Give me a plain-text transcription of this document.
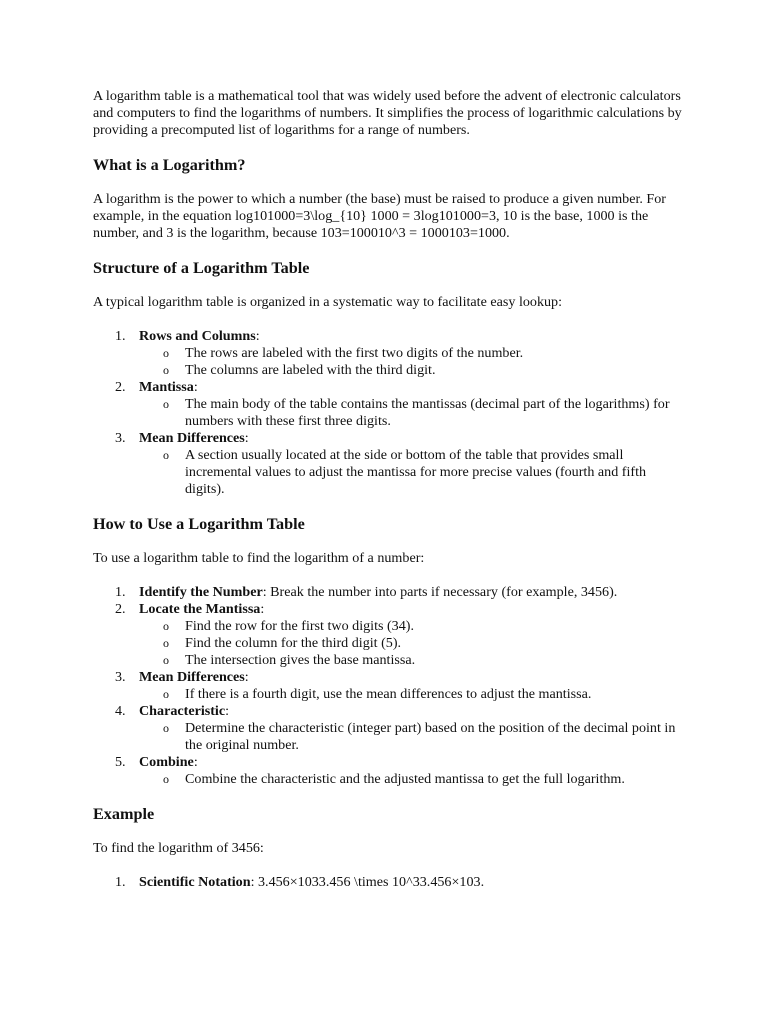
A logarithm table is a mathematical tool that was widely used before the advent of electronic calculators and computers to find the logarithms of numbers. It simplifies the process of logarithmic calculations by providing a precomputed list of logarithms for a range of numbers.

What is a Logarithm?

A logarithm is the power to which a number (the base) must be raised to produce a given number. For example, in the equation log101000=3\log_{10} 1000 = 3log101000=3, 10 is the base, 1000 is the number, and 3 is the logarithm, because 103=100010^3 = 1000103=1000.

Structure of a Logarithm Table

A typical logarithm table is organized in a systematic way to facilitate easy lookup:

1. Rows and Columns:
o The rows are labeled with the first two digits of the number.
o The columns are labeled with the third digit.
2. Mantissa:
o The main body of the table contains the mantissas (decimal part of the logarithms) for numbers with these first three digits.
3. Mean Differences:
o A section usually located at the side or bottom of the table that provides small incremental values to adjust the mantissa for more precise values (fourth and fifth digits).
How to Use a Logarithm Table

To use a logarithm table to find the logarithm of a number:

1. Identify the Number: Break the number into parts if necessary (for example, 3456).
2. Locate the Mantissa:
o Find the row for the first two digits (34).
o Find the column for the third digit (5).
o The intersection gives the base mantissa.
3. Mean Differences:
o If there is a fourth digit, use the mean differences to adjust the mantissa.
4. Characteristic:
o Determine the characteristic (integer part) based on the position of the decimal point in the original number.
5. Combine:
o Combine the characteristic and the adjusted mantissa to get the full logarithm.
Example

To find the logarithm of 3456:

1. Scientific Notation: 3.456×1033.456 \times 10^33.456×103.
